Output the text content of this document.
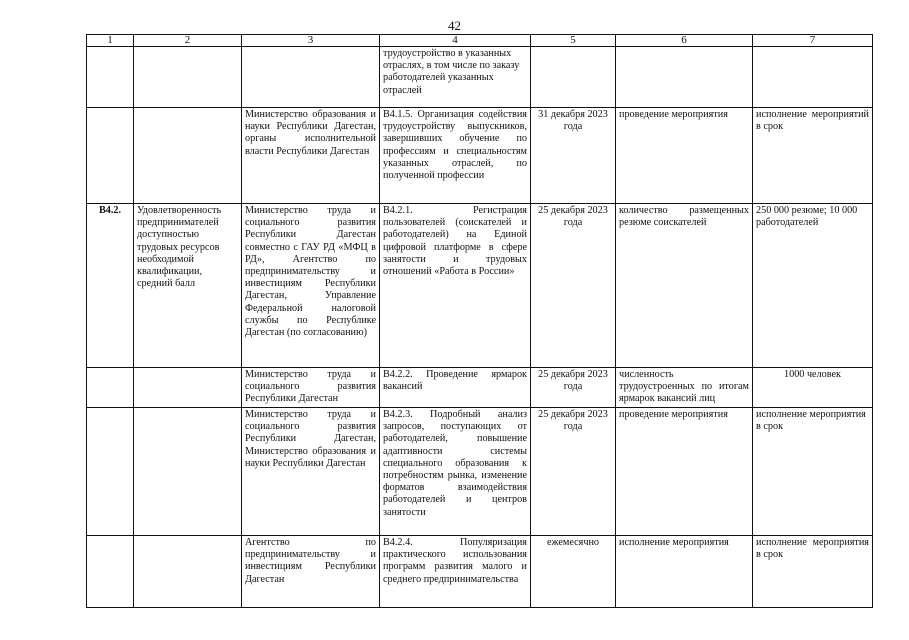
42
1	2	3	4	5	6	7
			трудоустройство в указанных отраслях, в том числе по заказу работодателей указанных отраслей			
		Министерство образования и науки Республики Дагестан, органы исполнительной власти Республики Дагестан	В4.1.5. Организация содействия трудоустройству выпускников, завершивших обучение по профессиям и специальностям указанных отраслей, по полученной профессии	31 декабря 2023 года	проведение мероприятия	исполнение мероприятий в срок
В4.2.	Удовлетворенность предпринимателей доступностью трудовых ресурсов необходимой квалификации, средний балл	Министерство труда и социального развития Республики Дагестан совместно с ГАУ РД «МФЦ в РД», Агентство по предпринимательству и инвестициям Республики Дагестан, Управление Федеральной налоговой службы по Республике Дагестан (по согласованию)	В4.2.1. Регистрация пользователей (соискателей и работодателей) на Единой цифровой платформе в сфере занятости и трудовых отношений «Работа в России»	25 декабря 2023 года	количество размещенных резюме соискателей	250 000 резюме; 10 000 работодателей
		Министерство труда и социального развития Республики Дагестан	В4.2.2. Проведение ярмарок вакансий	25 декабря 2023 года	численность трудоустроенных по итогам ярмарок вакансий лиц	1000 человек
		Министерство труда и социального развития Республики Дагестан, Министерство образования и науки Республики Дагестан	В4.2.3. Подробный анализ запросов, поступающих от работодателей, повышение адаптивности системы специального образования к потребностям рынка, изменение форматов взаимодействия работодателей и центров занятости	25 декабря 2023 года	проведение мероприятия	исполнение мероприятия в срок
		Агентство по предпринимательству и инвестициям Республики Дагестан	В4.2.4. Популяризация практического использования программ развития малого и среднего предпринимательства	ежемесячно	исполнение мероприятия	исполнение мероприятия в срок
